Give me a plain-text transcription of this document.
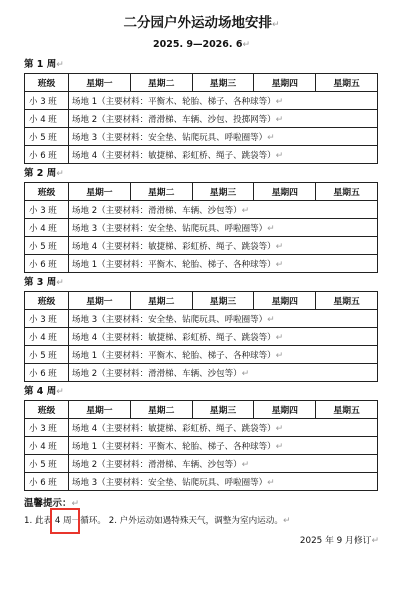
二分园户外运动场地安排↵
2025. 9—2026. 6↵
第 1 周↵
班级	星期一	星期二	星期三	星期四	星期五
小 3 班	场地 1（主要材料：平衡木、轮胎、梯子、各种球等）↵				
小 4 班	场地 2（主要材料：滑滑梯、车辆、沙包、投掷网等）↵				
小 5 班	场地 3（主要材料：安全垫、钻爬玩具、呼啦圈等）↵				
小 6 班	场地 4（主要材料：敏捷梯、彩虹桥、绳子、跳袋等）↵				
第 2 周↵
班级	星期一	星期二	星期三	星期四	星期五
小 3 班	场地 2（主要材料：滑滑梯、车辆、沙包等）↵				
小 4 班	场地 3（主要材料：安全垫、钻爬玩具、呼啦圈等）↵				
小 5 班	场地 4（主要材料：敏捷梯、彩虹桥、绳子、跳袋等）↵				
小 6 班	场地 1（主要材料：平衡木、轮胎、梯子、各种球等）↵				
第 3 周↵
班级	星期一	星期二	星期三	星期四	星期五
小 3 班	场地 3（主要材料：安全垫、钻爬玩具、呼啦圈等）↵				
小 4 班	场地 4（主要材料：敏捷梯、彩虹桥、绳子、跳袋等）↵				
小 5 班	场地 1（主要材料：平衡木、轮胎、梯子、各种球等）↵				
小 6 班	场地 2（主要材料：滑滑梯、车辆、沙包等）↵				
第 4 周↵
班级	星期一	星期二	星期三	星期四	星期五
小 3 班	场地 4（主要材料：敏捷梯、彩虹桥、绳子、跳袋等）↵				
小 4 班	场地 1（主要材料：平衡木、轮胎、梯子、各种球等）↵				
小 5 班	场地 2（主要材料：滑滑梯、车辆、沙包等）↵				
小 6 班	场地 3（主要材料：安全垫、钻爬玩具、呼啦圈等）↵				
温馨提示：↵
1. 此表 4 周一循环。 2. 户外运动如遇特殊天气，调整为室内运动。↵
2025 年 9 月修订↵
